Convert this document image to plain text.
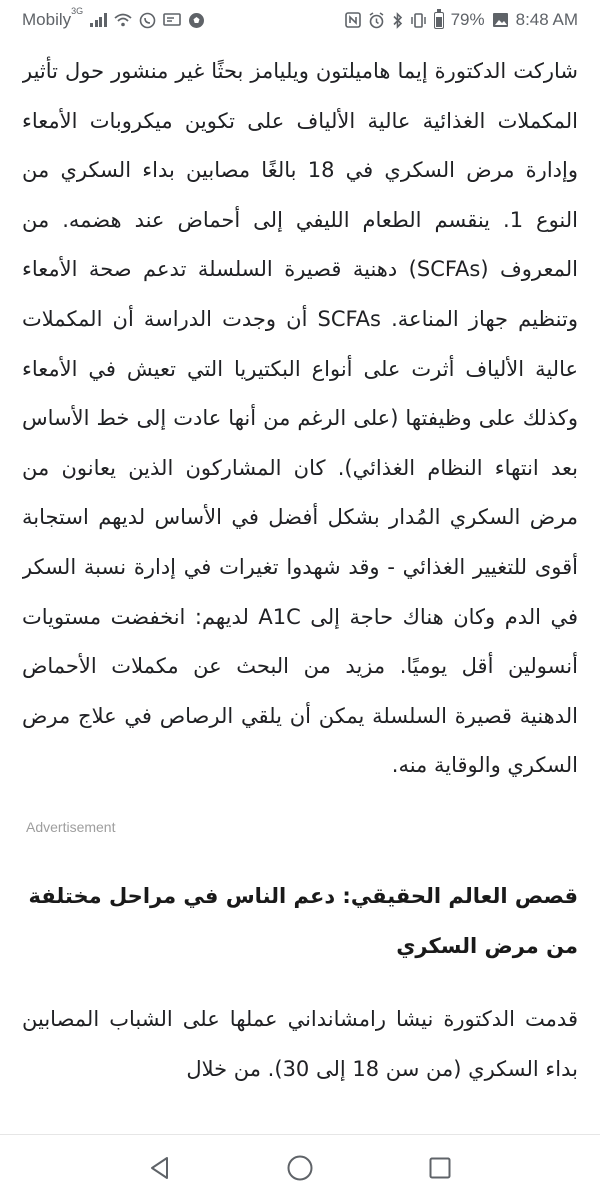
Mobily$^{3G}$	79% 8:48 AM

شاركت الدكتورة إيما هاميلتون ويليامز بحثًا غير منشور حول تأثير المكملات الغذائية عالية الألياف على تكوين ميكروبات الأمعاء وإدارة مرض السكري في 18 بالغًا مصابين بداء السكري من النوع 1. ينقسم الطعام الليفي إلى أحماض عند هضمه. من المعروف (SCFAs) دهنية قصيرة السلسلة تدعم صحة الأمعاء وتنظيم جهاز المناعة. SCFAs أن وجدت الدراسة أن المكملات عالية الألياف أثرت على أنواع البكتيريا التي تعيش في الأمعاء وكذلك على وظيفتها (على الرغم من أنها عادت إلى خط الأساس بعد انتهاء النظام الغذائي). كان المشاركون الذين يعانون من مرض السكري المُدار بشكل أفضل في الأساس لديهم استجابة أقوى للتغيير الغذائي - وقد شهدوا تغيرات في إدارة نسبة السكر في الدم وكان هناك حاجة إلى A1C لديهم: انخفضت مستويات أنسولين أقل يوميًا. مزيد من البحث عن مكملات الأحماض الدهنية قصيرة السلسلة يمكن أن يلقي الرصاص في علاج مرض السكري والوقاية منه.

Advertisement
قصص العالم الحقيقي: دعم الناس في مراحل مختلفة من مرض السكري

قدمت الدكتورة نيشا رامشانداني عملها على الشباب المصابين بداء السكري (من سن 18 إلى 30). من خلال
